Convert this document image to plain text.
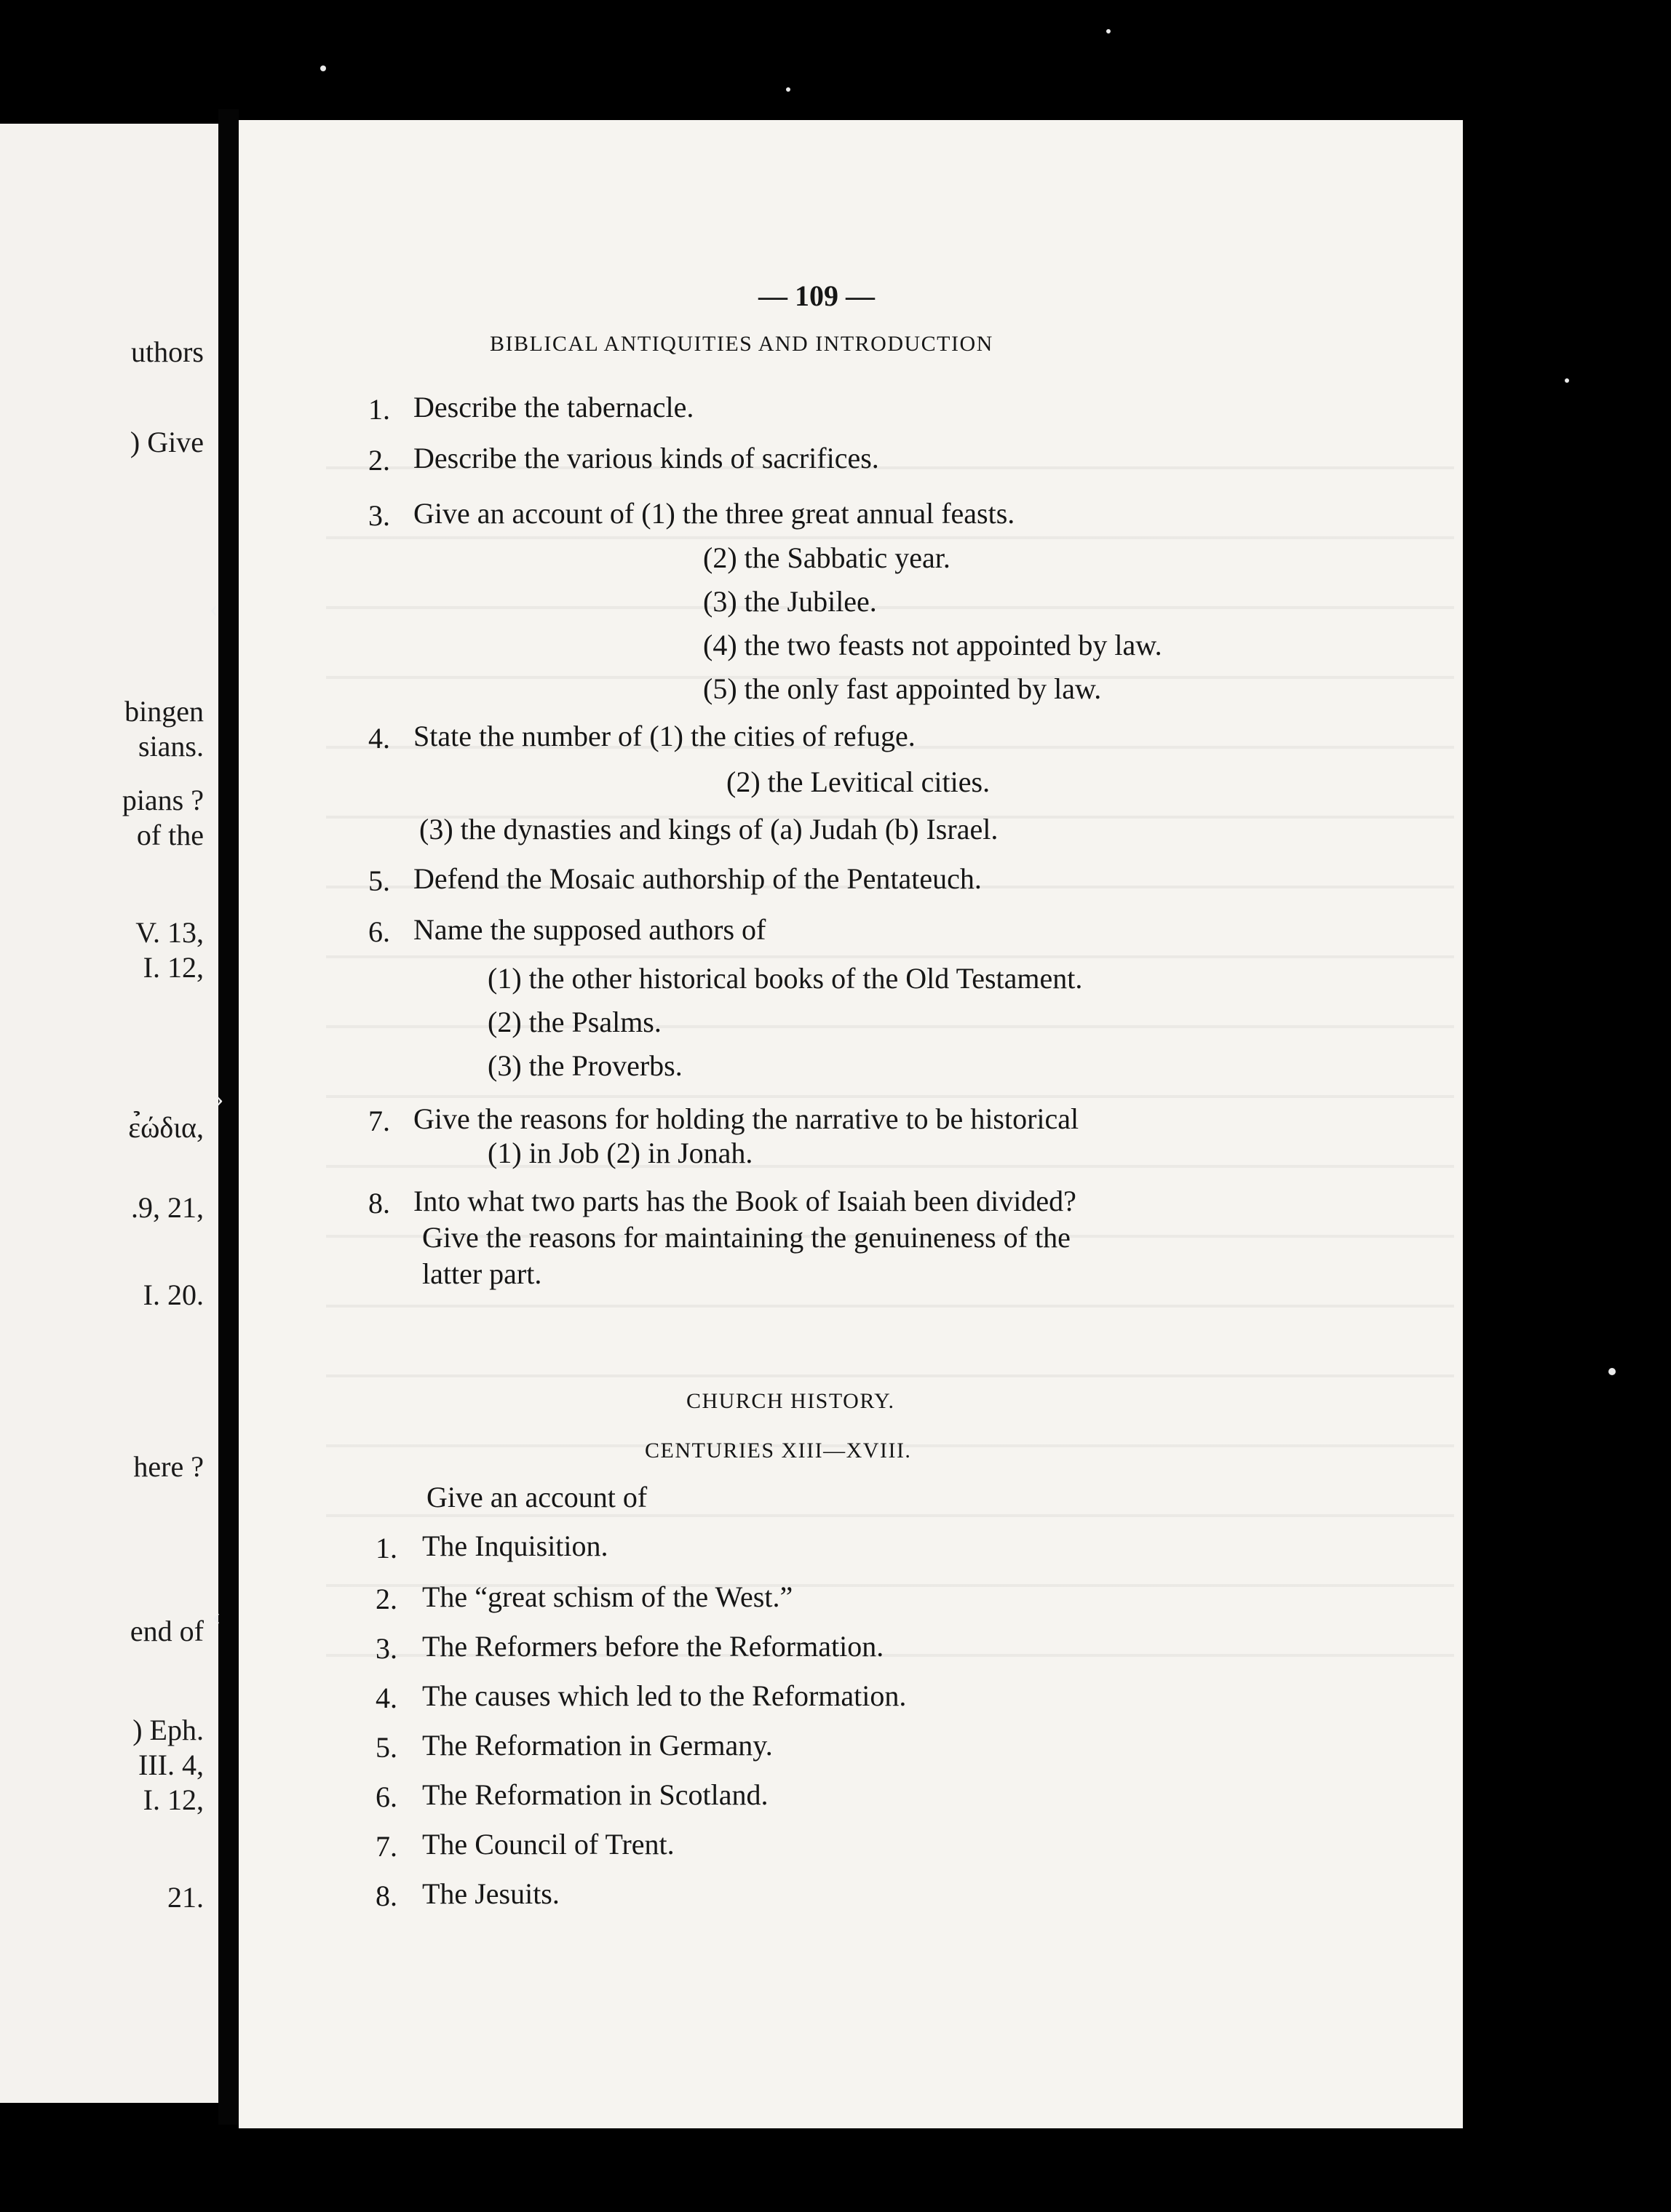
uthors
) Give
bingen
sians.
pians ?
of the
V. 13,
I. 12,
ε̉ώδια,
.9, 21,
I. 20.
here ?
end of
) Eph.
III. 4,
I. 12,
21.
‹
›
‹
— 109 —
BIBLICAL ANTIQUITIES AND INTRODUCTION
1. Describe the tabernacle.
2. Describe the various kinds of sacrifices.
3. Give an account of (1) the three great annual feasts.
(2) the Sabbatic year.
(3) the Jubilee.
(4) the two feasts not appointed by law.
(5) the only fast appointed by law.
4. State the number of (1) the cities of refuge.
(2) the Levitical cities.
(3) the dynasties and kings of (a) Judah (b) Israel.
5. Defend the Mosaic authorship of the Pentateuch.
6. Name the supposed authors of
(1) the other historical books of the Old Testament.
(2) the Psalms.
(3) the Proverbs.
7. Give the reasons for holding the narrative to be historical
(1) in Job (2) in Jonah.
8. Into what two parts has the Book of Isaiah been divided?
Give the reasons for maintaining the genuineness of the
latter part.
CHURCH HISTORY.
CENTURIES XIII—XVIII.
Give an account of
1. The Inquisition.
2. The “great schism of the West.”
3. The Reformers before the Reformation.
4. The causes which led to the Reformation.
5. The Reformation in Germany.
6. The Reformation in Scotland.
7. The Council of Trent.
8. The Jesuits.
